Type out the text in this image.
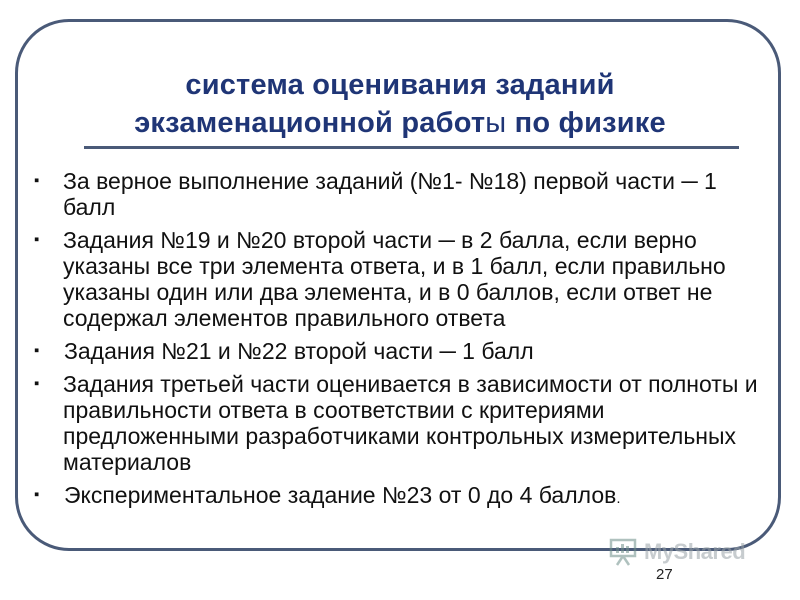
система оценивания заданий
экзаменационной работы по физике
▪ За верное выполнение заданий (№1- №18) первой части ─ 1 балл
▪ Задания №19 и №20 второй части ─ в 2 балла, если верно указаны все три элемента ответа, и в 1 балл, если правильно указаны один или два элемента, и в 0 баллов, если ответ не содержал элементов правильного ответа
▪ Задания №21 и №22 второй части ─ 1 балл
▪ Задания третьей части оценивается в зависимости от полноты и правильности ответа в соответствии с критериями предложенными разработчиками контрольных измерительных материалов
▪ Экспериментальное задание №23 от 0 до 4 баллов.
MyShared
27
